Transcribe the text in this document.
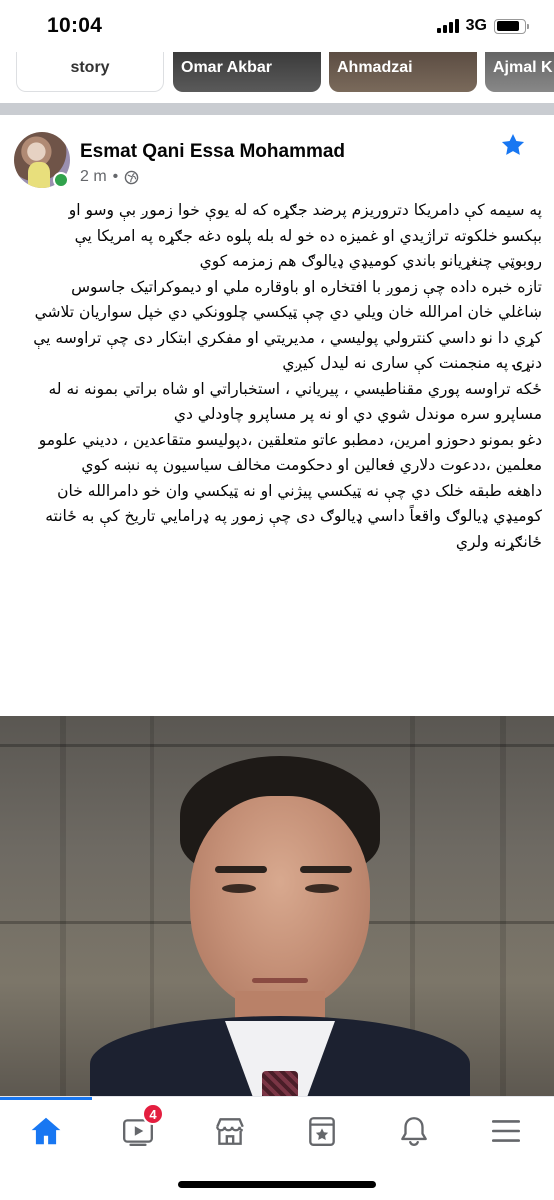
10:04	3G
story	Omar Akbar	Ahmadzai	Ajmal K
Esmat Qani Essa Mohammad
2 m •

په سیمه کې دامریکا دتروریزم پرضد جګړه که له یوې خوا زموږ بې وسو او بېکسو خلکوته تراژیدي او غمیزه ده خو له بله پلوه دغه جګړه په امریکا یې روبوټي چنغړیانو باندي کومیډي ډیالوګ هم زمزمه کوي

تازه خبره داده چې زموږ با افتخاره او باوقاره ملي او دیموکراتیک جاسوس ښاغلي خان امرالله خان ویلي دي چې ټیکسي چلوونکي دي خپل سواریان تلاشي کړي دا نو داسي کنترولي پولیسي ، مدیریتي او مفکري ابتکار دی چې تراوسه یې دنړۍ په منجمنت کې ساری نه لیدل کیږي

ځکه تراوسه پوري مقناطیسي ، پیریاني ، استخباراتي او شاه براتي بمونه نه له مساپرو سره موندل شوي دي او نه پر مساپرو چاودلي دي

دغو بمونو دحوزو امرین، دمطبو عاتو متعلقین ،دپولیسو متقاعدین ، ددیني علومو معلمین ،ددعوت دلاري فعالین او دحکومت مخالف سیاسیون په نښه کوي

داهغه طبقه خلک دي چې نه ټیکسي پیژني او نه ټیکسي وان خو دامرالله خان کومیډي ډیالوګ واقعاً داسي ډیالوګ دی چې زموږ په ډرامایي تاریخ کې به ځانته ځانګړنه ولري

4
